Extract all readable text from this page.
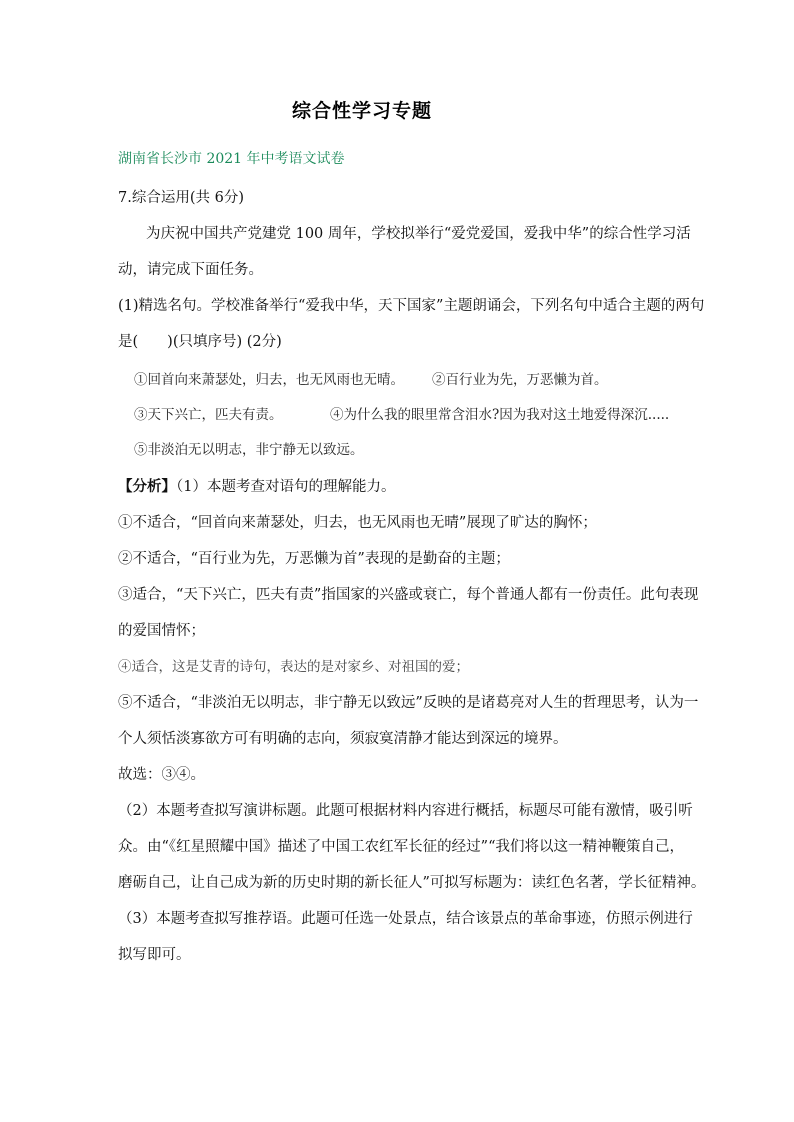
综合性学习专题
湖南省长沙市 2021 年中考语文试卷
7.综合运用(共 6分)
为庆祝中国共产党建党 100 周年，学校拟举行“爱党爱国，爱我中华”的综合性学习活
动，请完成下面任务。
(1)精选名句。学校准备举行“爱我中华，天下国家”主题朗诵会，下列名句中适合主题的两句
是(　　)(只填序号) (2分)
①回首向来萧瑟处，归去，也无风雨也无晴。 ②百行业为先，万恶懒为首。
③天下兴亡，匹夫有责。	④为什么我的眼里常含泪水?因为我对这土地爱得深沉.....
⑤非淡泊无以明志，非宁静无以致远。
【分析】（1）本题考查对语句的理解能力。
①不适合，“回首向来萧瑟处，归去，也无风雨也无晴”展现了旷达的胸怀；
②不适合，“百行业为先，万恶懒为首”表现的是勤奋的主题；
③适合，“天下兴亡，匹夫有责”指国家的兴盛或衰亡，每个普通人都有一份责任。此句表现
的爱国情怀；
④适合，这是艾青的诗句，表达的是对家乡、对祖国的爱；
⑤不适合，“非淡泊无以明志，非宁静无以致远”反映的是诸葛亮对人生的哲理思考，认为一
个人须恬淡寡欲方可有明确的志向，须寂寞清静才能达到深远的境界。
故选：③④。
（2）本题考查拟写演讲标题。此题可根据材料内容进行概括，标题尽可能有激情，吸引听
众。由“《红星照耀中国》描述了中国工农红军长征的经过”“我们将以这一精神鞭策自己，
磨砺自己，让自己成为新的历史时期的新长征人”可拟写标题为：读红色名著，学长征精神。
（3）本题考查拟写推荐语。此题可任选一处景点，结合该景点的革命事迹，仿照示例进行
拟写即可。
